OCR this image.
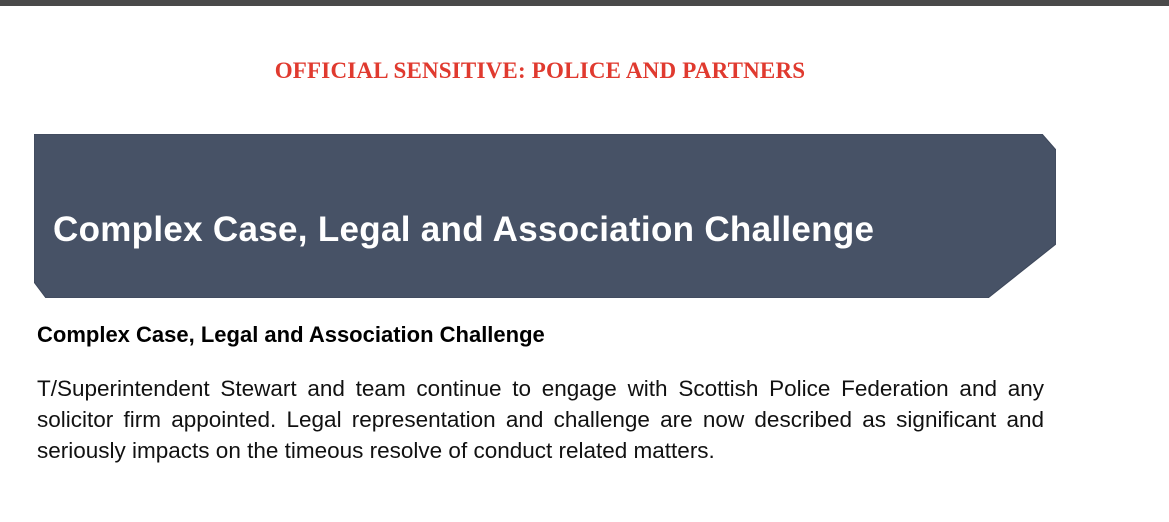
OFFICIAL SENSITIVE: POLICE AND PARTNERS
Complex Case, Legal and Association Challenge
Complex Case, Legal and Association Challenge
T/Superintendent Stewart and team continue to engage with Scottish Police Federation and any solicitor firm appointed. Legal representation and challenge are now described as significant and seriously impacts on the timeous resolve of conduct related matters.
